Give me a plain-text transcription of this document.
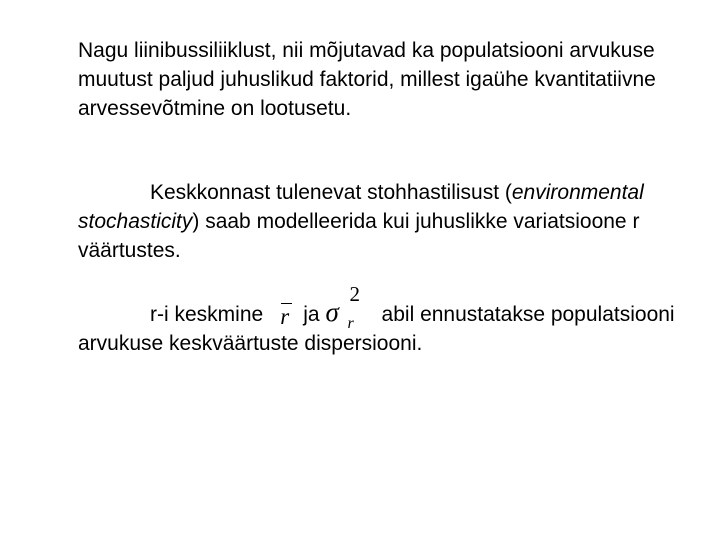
Nagu liinibussiliiklust, nii mõjutavad ka populatsiooni arvukuse muutust paljud juhuslikud faktorid, millest igaühe kvantitatiivne arvessevõtmine on lootusetu.

Keskkonnast tulenevat stohhastilisust (environmental stochasticity) saab modelleerida kui juhuslikke variatsioone r väärtustes.

r-i keskmine r ja σ
2
r abil ennustatakse populatsiooni arvukuse keskväärtuste dispersiooni.
